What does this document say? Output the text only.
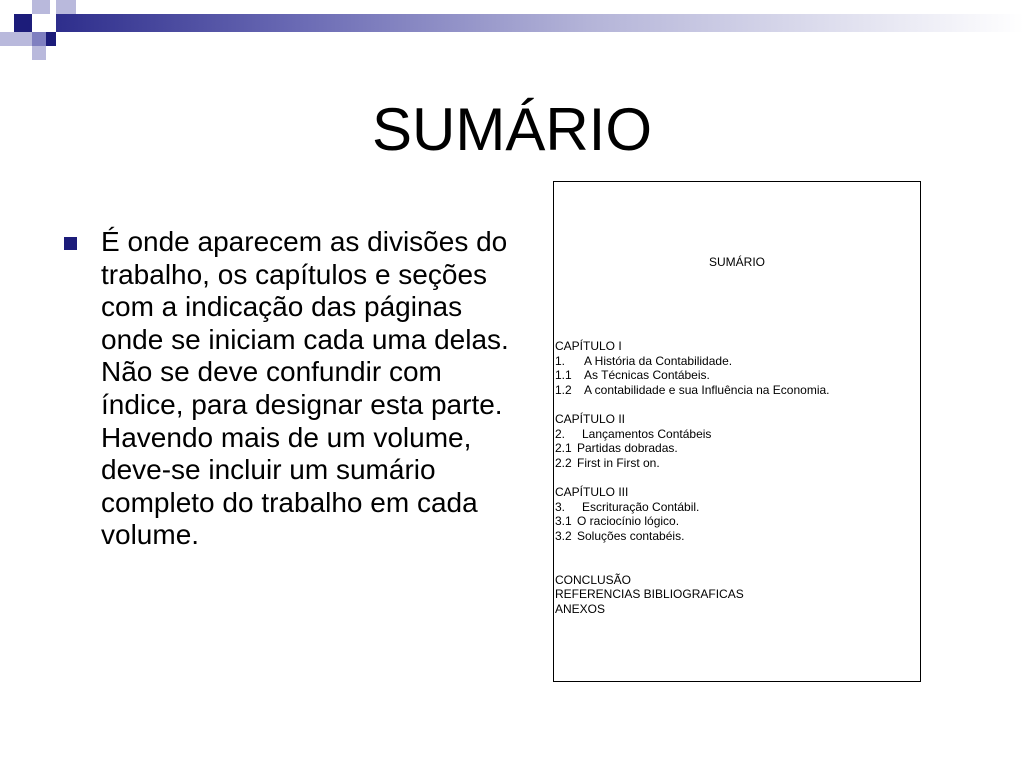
SUMÁRIO

É onde aparecem as divisões do trabalho, os capítulos e seções com a indicação das páginas onde se iniciam cada uma delas. Não se deve confundir com índice, para designar esta parte. Havendo mais de um volume, deve-se incluir um sumário completo do trabalho em cada volume.

SUMÁRIO
CAPÍTULO I
1. A História da Contabilidade.
1.1 As Técnicas Contábeis.
1.2 A contabilidade e sua Influência na Economia.
CAPÍTULO II
2. Lançamentos Contábeis
2.1 Partidas dobradas.
2.2 First in First on.
CAPÍTULO III
3. Escrituração Contábil.
3.1 O raciocínio lógico.
3.2 Soluções contabéis.
CONCLUSÃO
REFERENCIAS BIBLIOGRAFICAS
ANEXOS
